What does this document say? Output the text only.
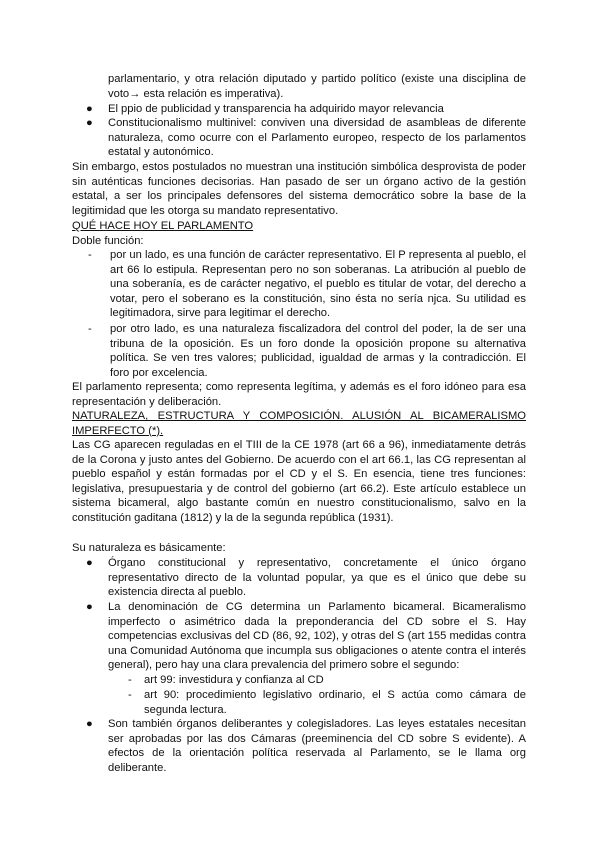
parlamentario, y otra relación diputado y partido político (existe una disciplina de voto→ esta relación es imperativa).
●	El ppio de publicidad y transparencia ha adquirido mayor relevancia
●	Constitucionalismo multinivel: conviven una diversidad de asambleas de diferente naturaleza, como ocurre con el Parlamento europeo, respecto de los parlamentos estatal y autonómico.
Sin embargo, estos postulados no muestran una institución simbólica desprovista de poder sin auténticas funciones decisorias. Han pasado de ser un órgano activo de la gestión estatal, a ser los principales defensores del sistema democrático sobre la base de la legitimidad que les otorga su mandato representativo.
QUÉ HACE HOY EL PARLAMENTO
Doble función:
- por un lado, es una función de carácter representativo. El P representa al pueblo, el art 66 lo estipula. Representan pero no son soberanas. La atribución al pueblo de una soberanía, es de carácter negativo, el pueblo es titular de votar, del derecho a votar, pero el soberano es la constitución, sino ésta no sería njca. Su utilidad es legitimadora, sirve para legitimar el derecho.
- por otro lado, es una naturaleza fiscalizadora del control del poder, la de ser una tribuna de la oposición. Es un foro donde la oposición propone su alternativa política. Se ven tres valores; publicidad, igualdad de armas y la contradicción. El foro por excelencia.
El parlamento representa; como representa legítima, y además es el foro idóneo para esa representación y deliberación.
NATURALEZA, ESTRUCTURA Y COMPOSICIÓN. ALUSIÓN AL BICAMERALISMO IMPERFECTO (*).
Las CG aparecen reguladas en el TIII de la CE 1978 (art 66 a 96), inmediatamente detrás de la Corona y justo antes del Gobierno. De acuerdo con el art 66.1, las CG representan al pueblo español y están formadas por el CD y el S. En esencia, tiene tres funciones: legislativa, presupuestaria y de control del gobierno (art 66.2). Este artículo establece un sistema bicameral, algo bastante común en nuestro constitucionalismo, salvo en la constitución gaditana (1812) y la de la segunda república (1931).
Su naturaleza es básicamente:
●	Órgano constitucional y representativo, concretamente el único órgano representativo directo de la voluntad popular, ya que es el único que debe su existencia directa al pueblo.
●	La denominación de CG determina un Parlamento bicameral. Bicameralismo imperfecto o asimétrico dada la preponderancia del CD sobre el S. Hay competencias exclusivas del CD (86, 92, 102), y otras del S (art 155 medidas contra una Comunidad Autónoma que incumpla sus obligaciones o atente contra el interés general), pero hay una clara prevalencia del primero sobre el segundo:
- art 99: investidura y confianza al CD
- art 90: procedimiento legislativo ordinario, el S actúa como cámara de segunda lectura.
●	Son también órganos deliberantes y colegisladores. Las leyes estatales necesitan ser aprobadas por las dos Cámaras (preeminencia del CD sobre S evidente). A efectos de la orientación política reservada al Parlamento, se le llama org deliberante.
